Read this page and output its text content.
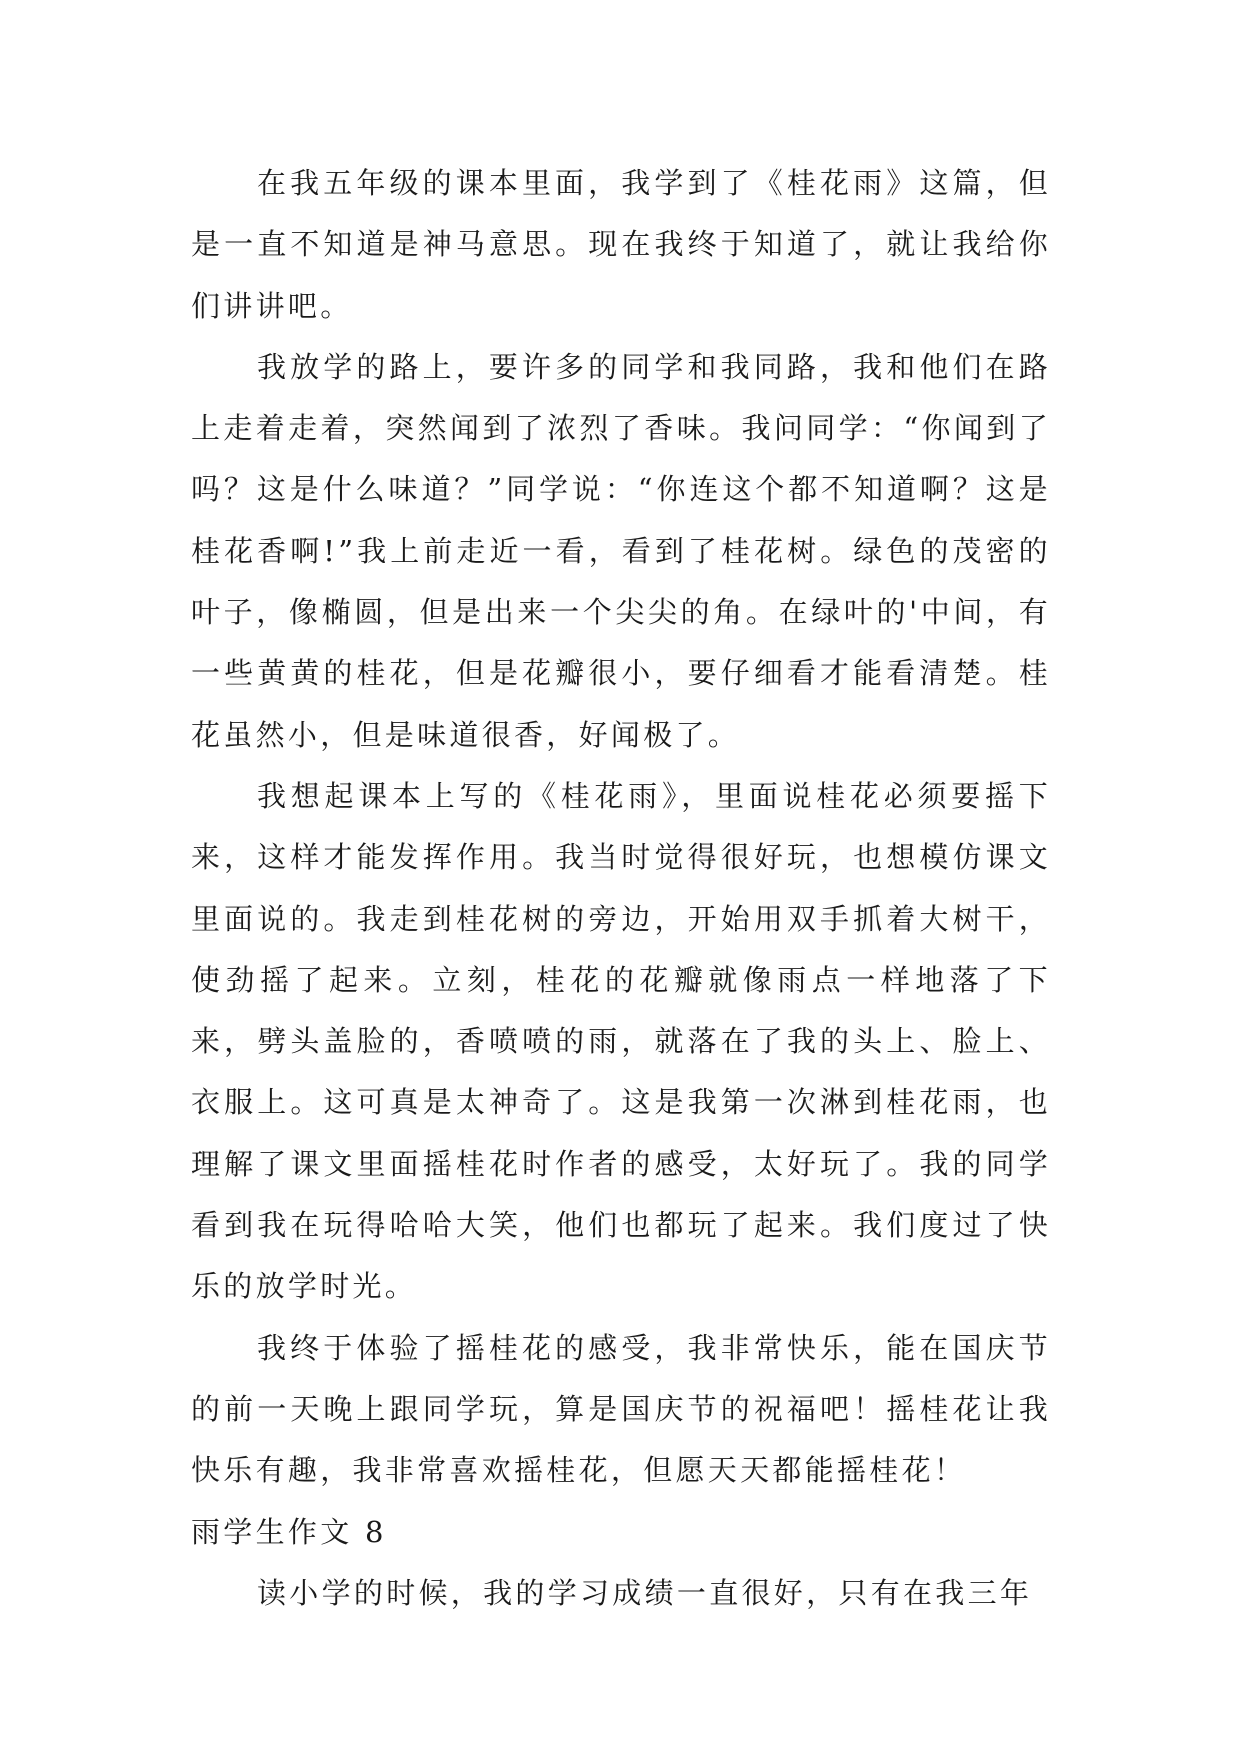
在我五年级的课本里面，我学到了《桂花雨》这篇，但是一直不知道是神马意思。现在我终于知道了，就让我给你们讲讲吧。

我放学的路上，要许多的同学和我同路，我和他们在路上走着走着，突然闻到了浓烈了香味。我问同学：“你闻到了吗？这是什么味道？”同学说：“你连这个都不知道啊？这是桂花香啊!”我上前走近一看，看到了桂花树。绿色的茂密的叶子，像椭圆，但是出来一个尖尖的角。在绿叶的'中间，有一些黄黄的桂花，但是花瓣很小，要仔细看才能看清楚。桂花虽然小，但是味道很香，好闻极了。

我想起课本上写的《桂花雨》，里面说桂花必须要摇下来，这样才能发挥作用。我当时觉得很好玩，也想模仿课文里面说的。我走到桂花树的旁边，开始用双手抓着大树干，使劲摇了起来。立刻，桂花的花瓣就像雨点一样地落了下来，劈头盖脸的，香喷喷的雨，就落在了我的头上、脸上、衣服上。这可真是太神奇了。这是我第一次淋到桂花雨，也理解了课文里面摇桂花时作者的感受，太好玩了。我的同学看到我在玩得哈哈大笑，他们也都玩了起来。我们度过了快乐的放学时光。

我终于体验了摇桂花的感受，我非常快乐，能在国庆节的前一天晚上跟同学玩，算是国庆节的祝福吧！摇桂花让我快乐有趣，我非常喜欢摇桂花，但愿天天都能摇桂花！

雨学生作文 8

读小学的时候，我的学习成绩一直很好，只有在我三年
